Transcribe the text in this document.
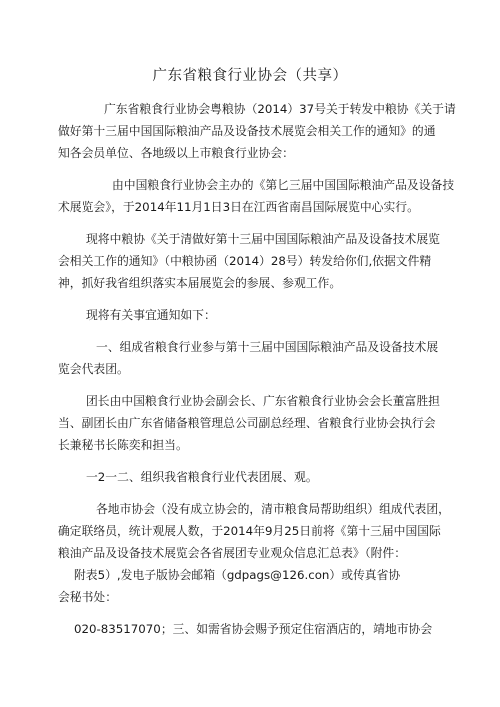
广东省粮食行业协会（共享）
广东省粮食行业协会粤粮协（2014）37号关于转发中粮协《关于请
做好第十三届中国国际粮油产品及设备技术展览会相关工作的通知》的通
知各会员单位、各地级以上市粮食行业协会：
由中国粮食行业协会主办的《第匕三届中国国际粮油产品及设备技
术展览会》，于2014年11月1日3日在江西省南昌国际展览中心实行。
现将中粮协《关于清做好第十三届中国国际粮油产品及设备技术展览
会相关工作的通知》（中粮协函（2014）28号）转发给你们,依据文件精
神，抓好我省组织落实本届展览会的参展、参观工作。
现将有关事宜通知如下：
一、组成省粮食行业参与第十三届中国国际粮油产品及设备技术展
览会代表团。
团长由中国粮食行业协会副会长、广东省粮食行业协会会长董富胜担
当、副团长由广东省储备粮管理总公司副总经理、省粮食行业协会执行会
长兼秘书长陈奕和担当。
一2一二、组织我省粮食行业代表团展、观。
各地市协会（没有成立协会的，清市粮食局帮助组织）组成代表团，
确定联络员，统计观展人数，于2014年9月25日前将《第十三届中国国际
粮油产品及设备技术展览会各省展团专业观众信息汇总表》（附件：
附表5）,发电子版协会邮箱（gdpags@126.con）或传真省协
会秘书处：
020-83517070；三、如需省协会赐予预定住宿酒店的，靖地市协会
